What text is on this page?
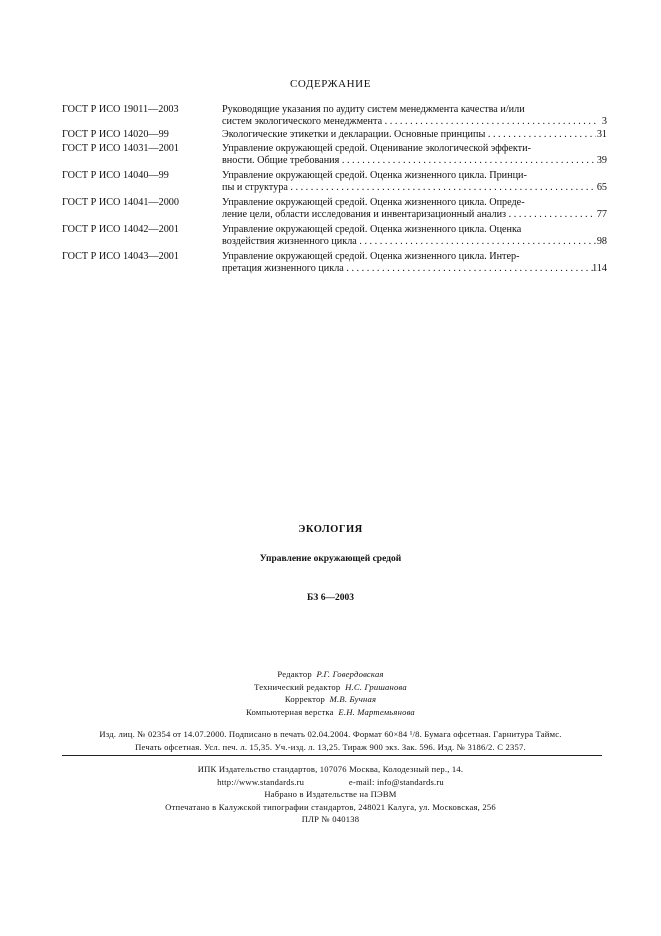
СОДЕРЖАНИЕ
ГОСТ Р ИСО 19011—2003	Руководящие указания по аудиту систем менеджмента качества и/или
систем экологического менеджмента . . .	3
ГОСТ Р ИСО 14020—99	Экологические этикетки и декларации. Основные принципы . . .	31
ГОСТ Р ИСО 14031—2001	Управление окружающей средой. Оценивание экологической эффекти-
вности. Общие требования . . .	39
ГОСТ Р ИСО 14040—99	Управление окружающей средой. Оценка жизненного цикла. Принци-
пы и структура . . .	65
ГОСТ Р ИСО 14041—2000	Управление окружающей средой. Оценка жизненного цикла. Опреде-
ление цели, области исследования и инвентаризационный анализ . . .	77
ГОСТ Р ИСО 14042—2001	Управление окружающей средой. Оценка жизненного цикла. Оценка
воздействия жизненного цикла . . .	98
ГОСТ Р ИСО 14043—2001	Управление окружающей средой. Оценка жизненного цикла. Интер-
претация жизненного цикла . . .	114
ЭКОЛОГИЯ
Управление окружающей средой
БЗ 6—2003
Редактор Р.Г. Говердовская
Технический редактор Н.С. Гришанова
Корректор М.В. Бучная
Компьютерная верстка Е.Н. Мартемьянова
Изд. лиц. № 02354 от 14.07.2000. Подписано в печать 02.04.2004. Формат 60×84 ¹/8. Бумага офсетная. Гарнитура Таймс.
Печать офсетная. Усл. печ. л. 15,35. Уч.-изд. л. 13,25. Тираж 900 экз. Зак. 596. Изд. № 3186/2. С 2357.
ИПК Издательство стандартов, 107076 Москва, Колодезный пер., 14.
http://www.standards.ru	e-mail: info@standards.ru
Набрано в Издательстве на ПЭВМ
Отпечатано в Калужской типографии стандартов, 248021 Калуга, ул. Московская, 256
ПЛР № 040138
